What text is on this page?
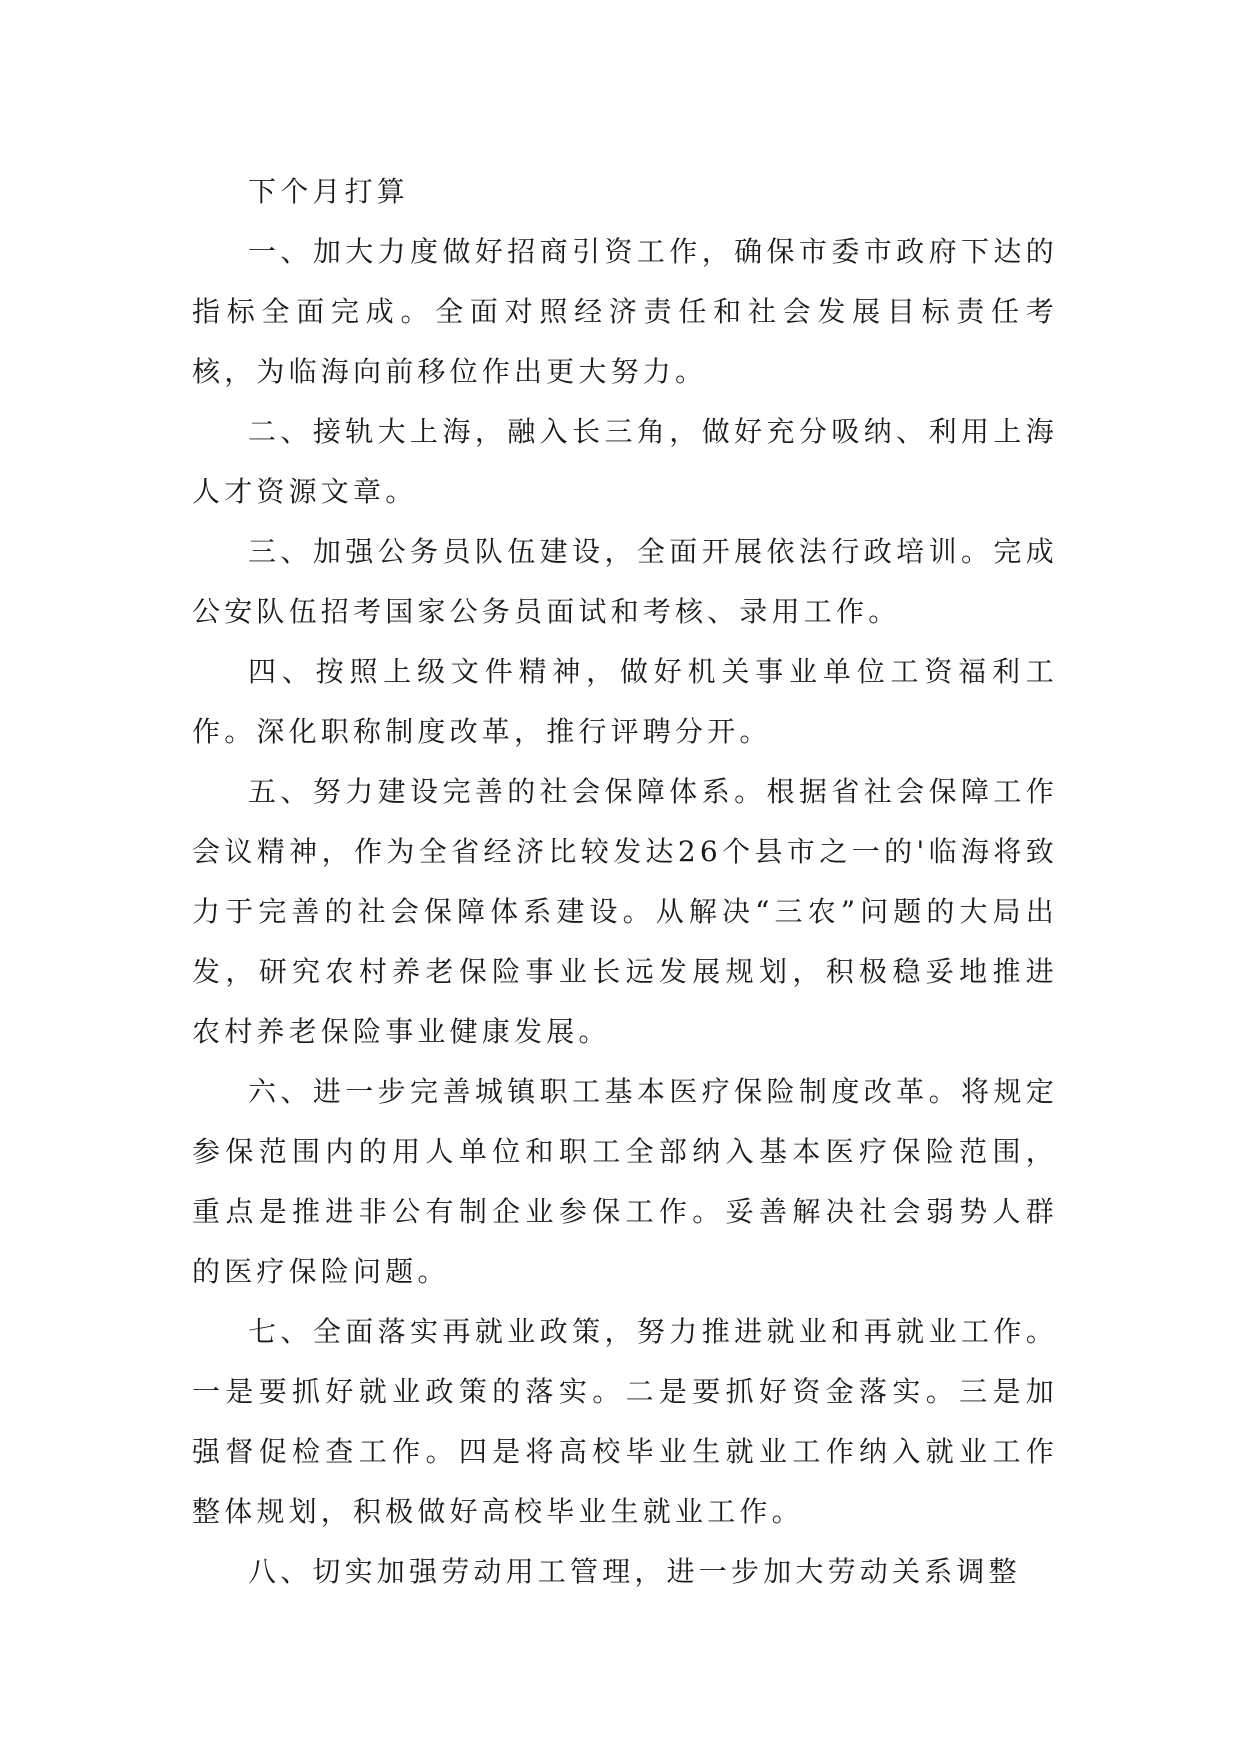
下个月打算

一、加大力度做好招商引资工作，确保市委市政府下达的指标全面完成。全面对照经济责任和社会发展目标责任考核，为临海向前移位作出更大努力。

二、接轨大上海，融入长三角，做好充分吸纳、利用上海人才资源文章。

三、加强公务员队伍建设，全面开展依法行政培训。完成公安队伍招考国家公务员面试和考核、录用工作。

四、按照上级文件精神，做好机关事业单位工资福利工作。深化职称制度改革，推行评聘分开。

五、努力建设完善的社会保障体系。根据省社会保障工作会议精神，作为全省经济比较发达26个县市之一的'临海将致力于完善的社会保障体系建设。从解决“三农”问题的大局出发，研究农村养老保险事业长远发展规划，积极稳妥地推进农村养老保险事业健康发展。

六、进一步完善城镇职工基本医疗保险制度改革。将规定参保范围内的用人单位和职工全部纳入基本医疗保险范围，重点是推进非公有制企业参保工作。妥善解决社会弱势人群的医疗保险问题。

七、全面落实再就业政策，努力推进就业和再就业工作。一是要抓好就业政策的落实。二是要抓好资金落实。三是加强督促检查工作。四是将高校毕业生就业工作纳入就业工作整体规划，积极做好高校毕业生就业工作。

八、切实加强劳动用工管理，进一步加大劳动关系调整
